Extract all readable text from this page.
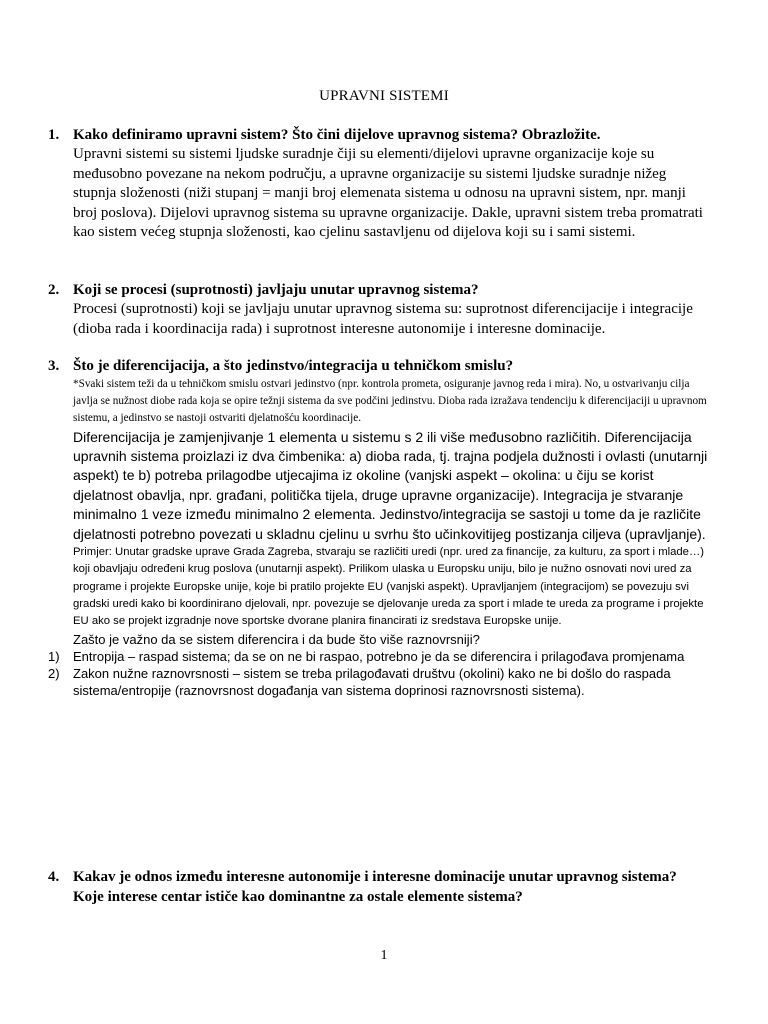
UPRAVNI SISTEMI
1. Kako definiramo upravni sistem? Što čini dijelove upravnog sistema? Obrazložite.
Upravni sistemi su sistemi ljudske suradnje čiji su elementi/dijelovi upravne organizacije koje su međusobno povezane na nekom području, a upravne organizacije su sistemi ljudske suradnje nižeg stupnja složenosti (niži stupanj = manji broj elemenata sistema u odnosu na upravni sistem, npr. manji broj poslova). Dijelovi upravnog sistema su upravne organizacije. Dakle, upravni sistem treba promatrati kao sistem većeg stupnja složenosti, kao cjelinu sastavljenu od dijelova koji su i sami sistemi.
2. Koji se procesi (suprotnosti) javljaju unutar upravnog sistema?
Procesi (suprotnosti) koji se javljaju unutar upravnog sistema su: suprotnost diferencijacije i integracije (dioba rada i koordinacija rada) i suprotnost interesne autonomije i interesne dominacije.
3. Što je diferencijacija, a što jedinstvo/integracija u tehničkom smislu?
*Svaki sistem teži da u tehničkom smislu ostvari jedinstvo (npr. kontrola prometa, osiguranje javnog reda i mira). No, u ostvarivanju cilja javlja se nužnost diobe rada koja se opire težnji sistema da sve podčini jedinstvu. Dioba rada izražava tendenciju k diferencijaciji u upravnom sistemu, a jedinstvo se nastoji ostvariti djelatnošću koordinacije.
Diferencijacija je zamjenjivanje 1 elementa u sistemu s 2 ili više međusobno različitih. Diferencijacija upravnih sistema proizlazi iz dva čimbenika: a) dioba rada, tj. trajna podjela dužnosti i ovlasti (unutarnji aspekt) te b) potreba prilagodbe utjecajima iz okoline (vanjski aspekt – okolina: u čiju se korist djelatnost obavlja, npr. građani, politička tijela, druge upravne organizacije). Integracija je stvaranje minimalno 1 veze između minimalno 2 elementa. Jedinstvo/integracija se sastoji u tome da je različite djelatnosti potrebno povezati u skladnu cjelinu u svrhu što učinkovitijeg postizanja ciljeva (upravljanje).
Primjer: Unutar gradske uprave Grada Zagreba, stvaraju se različiti uredi (npr. ured za financije, za kulturu, za sport i mlade…) koji obavljaju određeni krug poslova (unutarnji aspekt). Prilikom ulaska u Europsku uniju, bilo je nužno osnovati novi ured za programe i projekte Europske unije, koje bi pratilo projekte EU (vanjski aspekt). Upravljanjem (integracijom) se povezuju svi gradski uredi kako bi koordinirano djelovali, npr. povezuje se djelovanje ureda za sport i mlade te ureda za programe i projekte EU ako se projekt izgradnje nove sportske dvorane planira financirati iz sredstava Europske unije.
Zašto je važno da se sistem diferencira i da bude što više raznovrsniji?
1)	Entropija – raspad sistema; da se on ne bi raspao, potrebno je da se diferencira i prilagođava promjenama
2)	Zakon nužne raznovrsnosti – sistem se treba prilagođavati društvu (okolini) kako ne bi došlo do raspada sistema/entropije (raznovrsnost događanja van sistema doprinosi raznovrsnosti sistema).
4. Kakav je odnos između interesne autonomije i interesne dominacije unutar upravnog sistema? Koje interese centar ističe kao dominantne za ostale elemente sistema?
1
